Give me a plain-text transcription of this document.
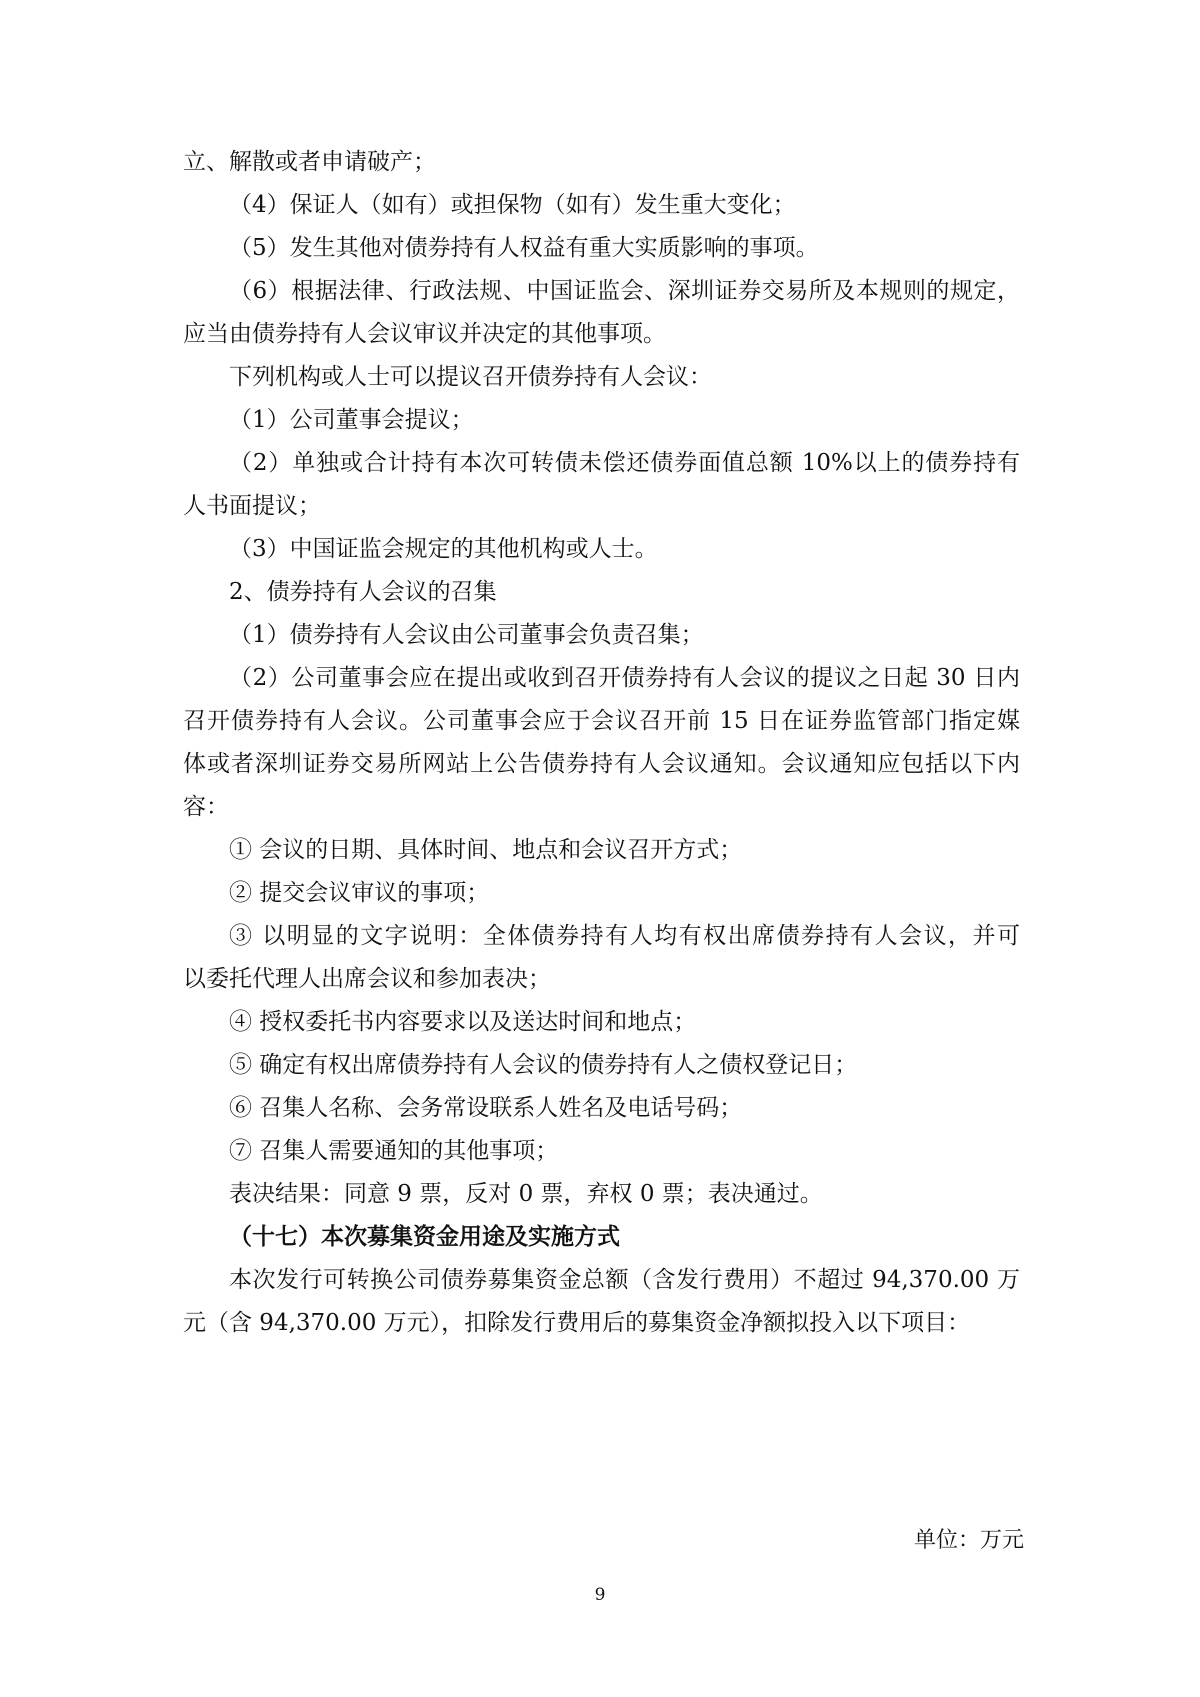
立、解散或者申请破产；
（4）保证人（如有）或担保物（如有）发生重大变化；
（5）发生其他对债券持有人权益有重大实质影响的事项。
（6）根据法律、行政法规、中国证监会、深圳证券交易所及本规则的规定，
应当由债券持有人会议审议并决定的其他事项。
下列机构或人士可以提议召开债券持有人会议：
（1）公司董事会提议；
（2）单独或合计持有本次可转债未偿还债券面值总额 10%以上的债券持有
人书面提议；
（3）中国证监会规定的其他机构或人士。
2、债券持有人会议的召集
（1）债券持有人会议由公司董事会负责召集；
（2）公司董事会应在提出或收到召开债券持有人会议的提议之日起 30 日内
召开债券持有人会议。公司董事会应于会议召开前 15 日在证券监管部门指定媒
体或者深圳证券交易所网站上公告债券持有人会议通知。会议通知应包括以下内
容：
① 会议的日期、具体时间、地点和会议召开方式；
② 提交会议审议的事项；
③ 以明显的文字说明：全体债券持有人均有权出席债券持有人会议，并可
以委托代理人出席会议和参加表决；
④ 授权委托书内容要求以及送达时间和地点；
⑤ 确定有权出席债券持有人会议的债券持有人之债权登记日；
⑥ 召集人名称、会务常设联系人姓名及电话号码；
⑦ 召集人需要通知的其他事项；
表决结果：同意 9 票，反对 0 票，弃权 0 票；表决通过。
（十七）本次募集资金用途及实施方式
本次发行可转换公司债券募集资金总额（含发行费用）不超过 94,370.00 万
元（含 94,370.00 万元），扣除发行费用后的募集资金净额拟投入以下项目：
单位：万元
9
